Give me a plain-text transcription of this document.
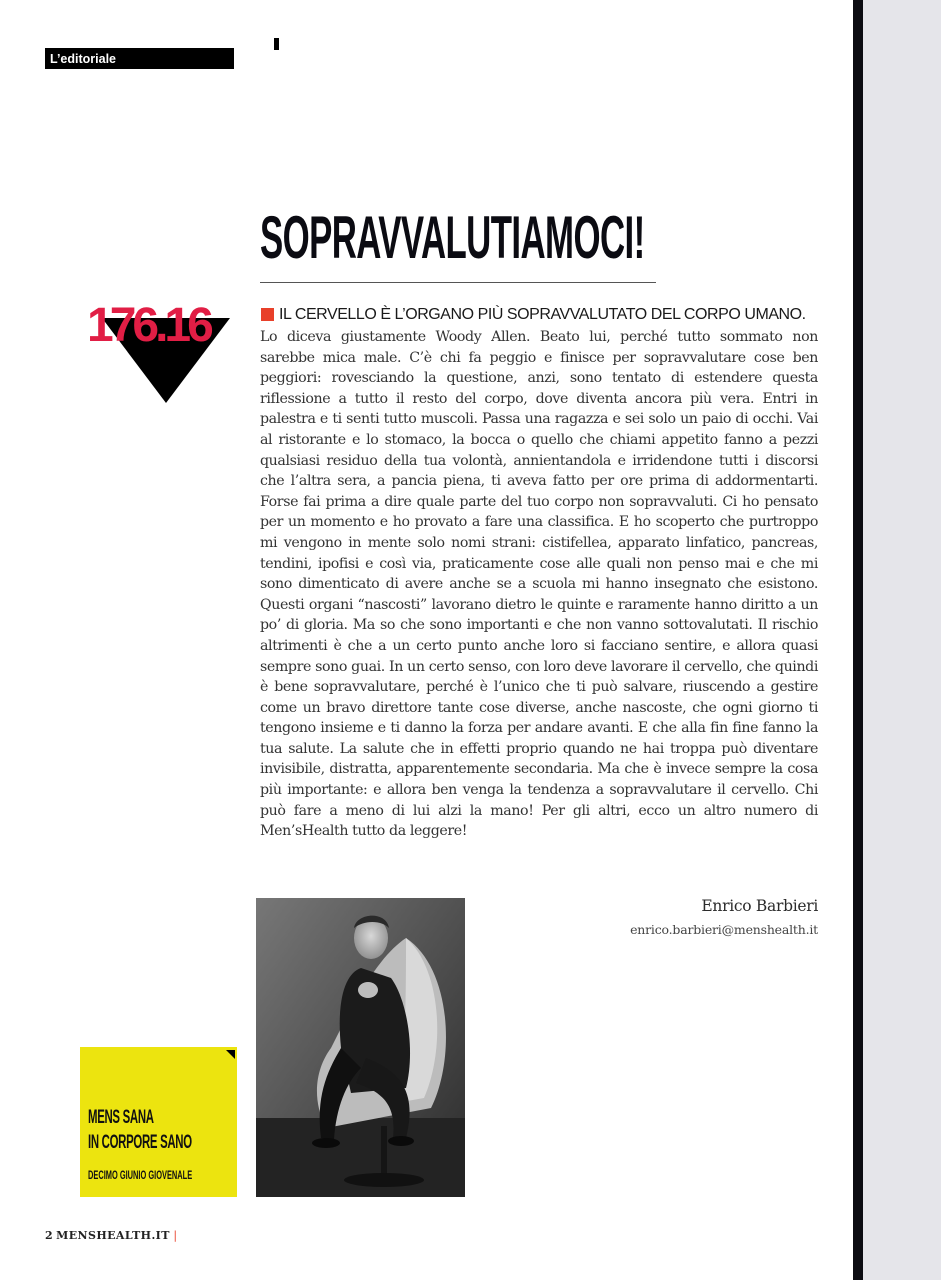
L’editoriale
SOPRAVVALUTIAMOCI!
176.16	IL CERVELLO È L’ORGANO PIÙ SOPRAVVALUTATO DEL CORPO UMANO.

Lo diceva giustamente Woody Allen. Beato lui, perché tutto sommato non sarebbe mica male. C’è chi fa peggio e finisce per sopravvalutare cose ben peggiori: rovesciando la questione, anzi, sono tentato di estendere questa riflessione a tutto il resto del corpo, dove diventa ancora più vera. Entri in palestra e ti senti tutto muscoli. Passa una ragazza e sei solo un paio di occhi. Vai al ristorante e lo stomaco, la bocca o quello che chiami appetito fanno a pezzi qualsiasi residuo della tua volontà, annientandola e irridendone tutti i discorsi che l’altra sera, a pancia piena, ti aveva fatto per ore prima di addormentarti. Forse fai prima a dire quale parte del tuo corpo non sopravvaluti. Ci ho pensato per un momento e ho provato a fare una classifica. E ho scoperto che purtroppo mi vengono in mente solo nomi strani: cistifellea, apparato linfatico, pancreas, tendini, ipofisi e così via, praticamente cose alle quali non penso mai e che mi sono dimenticato di avere anche se a scuola mi hanno insegnato che esistono. Questi organi “nascosti” lavorano dietro le quinte e raramente hanno diritto a un po’ di gloria. Ma so che sono importanti e che non vanno sottovalutati. Il rischio altrimenti è che a un certo punto anche loro si facciano sentire, e allora quasi sempre sono guai. In un certo senso, con loro deve lavorare il cervello, che quindi è bene sopravvalutare, perché è l’unico che ti può salvare, riuscendo a gestire come un bravo direttore tante cose diverse, anche nascoste, che ogni giorno ti tengono insieme e ti danno la forza per andare avanti. E che alla fin fine fanno la tua salute. La salute che in effetti proprio quando ne hai troppa può diventare invisibile, distratta, apparentemente secondaria. Ma che è invece sempre la cosa più importante: e allora ben venga la tendenza a sopravvalutare il cervello. Chi può fare a meno di lui alzi la mano! Per gli altri, ecco un altro numero di Men’sHealth tutto da leggere!

Enrico Barbieri
enrico.barbieri@menshealth.it
MENS SANA
IN CORPORE SANO
DECIMO GIUNIO GIOVENALE
2 MENSHEALTH.IT |
